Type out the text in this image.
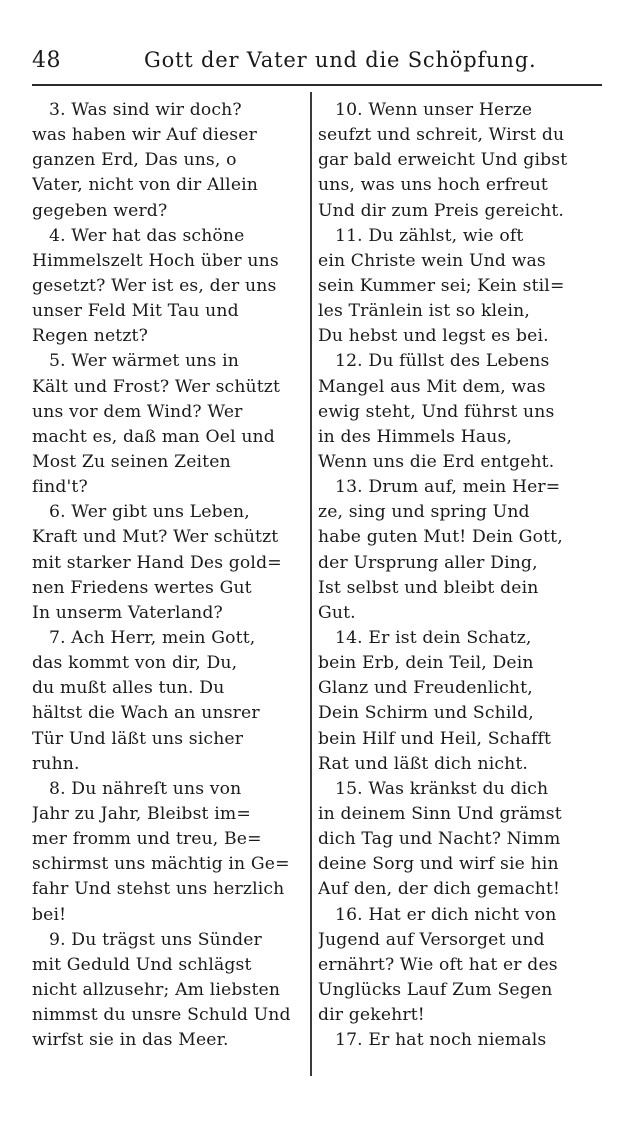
48	Gott der Vater und die Schöpfung.
3. Was sind wir doch?
was haben wir Auf dieser
ganzen Erd, Das uns, o
Vater, nicht von dir Allein
gegeben werd?
4. Wer hat das schöne
Himmelszelt Hoch über uns
gesetzt? Wer ist es, der uns
unser Feld Mit Tau und
Regen netzt?
5. Wer wärmet uns in
Kält und Frost? Wer schützt
uns vor dem Wind? Wer
macht es, daß man Oel und
Most Zu seinen Zeiten
find't?
6. Wer gibt uns Leben,
Kraft und Mut? Wer schützt
mit starker Hand Des gold=
nen Friedens wertes Gut
In unserm Vaterland?
7. Ach Herr, mein Gott,
das kommt von dir, Du,
du mußt alles tun. Du
hältst die Wach an unsrer
Tür Und läßt uns sicher
ruhn.
8. Du nähreſt uns von
Jahr zu Jahr, Bleibst im=
mer fromm und treu, Be=
schirmst uns mächtig in Ge=
fahr Und stehst uns herzlich
bei!
9. Du trägst uns Sünder
mit Geduld Und schlägst
nicht allzusehr; Am liebsten
nimmst du unsre Schuld Und
wirfst sie in das Meer.
10. Wenn unser Herze
seufzt und schreit, Wirst du
gar bald erweicht Und gibst
uns, was uns hoch erfreut
Und dir zum Preis gereicht.
11. Du zählst, wie oft
ein Christe wein Und was
sein Kummer sei; Kein stil=
les Tränlein ist so klein,
Du hebst und legst es bei.
12. Du füllst des Lebens
Mangel aus Mit dem, was
ewig steht, Und führst uns
in des Himmels Haus,
Wenn uns die Erd entgeht.
13. Drum auf, mein Her=
ze, sing und spring Und
habe guten Mut! Dein Gott,
der Ursprung aller Ding,
Ist selbst und bleibt dein
Gut.
14. Er ist dein Schatz,
bein Erb, dein Teil, Dein
Glanz und Freudenlicht,
Dein Schirm und Schild,
bein Hilf und Heil, Schafft
Rat und läßt dich nicht.
15. Was kränkst du dich
in deinem Sinn Und grämst
dich Tag und Nacht? Nimm
deine Sorg und wirf sie hin
Auf den, der dich gemacht!
16. Hat er dich nicht von
Jugend auf Versorget und
ernährt? Wie oft hat er des
Unglücks Lauf Zum Segen
dir gekehrt!
17. Er hat noch niemals
